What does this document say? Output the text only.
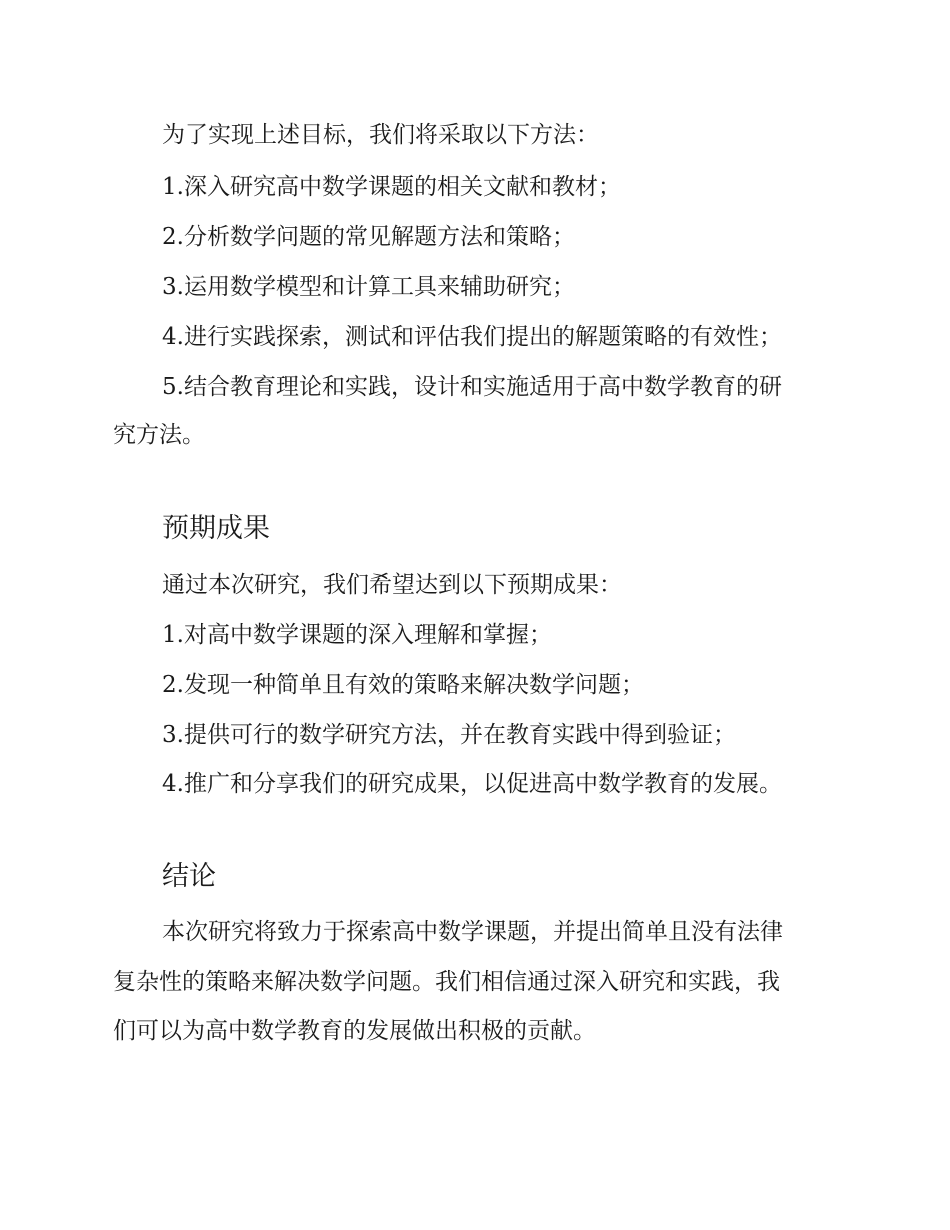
为了实现上述目标，我们将采取以下方法：
1.深入研究高中数学课题的相关文献和教材；
2.分析数学问题的常见解题方法和策略；
3.运用数学模型和计算工具来辅助研究；
4.进行实践探索，测试和评估我们提出的解题策略的有效性；
5.结合教育理论和实践，设计和实施适用于高中数学教育的研
究方法。
预期成果
通过本次研究，我们希望达到以下预期成果：
1.对高中数学课题的深入理解和掌握；
2.发现一种简单且有效的策略来解决数学问题；
3.提供可行的数学研究方法，并在教育实践中得到验证；
4.推广和分享我们的研究成果，以促进高中数学教育的发展。
结论
本次研究将致力于探索高中数学课题，并提出简单且没有法律
复杂性的策略来解决数学问题。我们相信通过深入研究和实践，我
们可以为高中数学教育的发展做出积极的贡献。
